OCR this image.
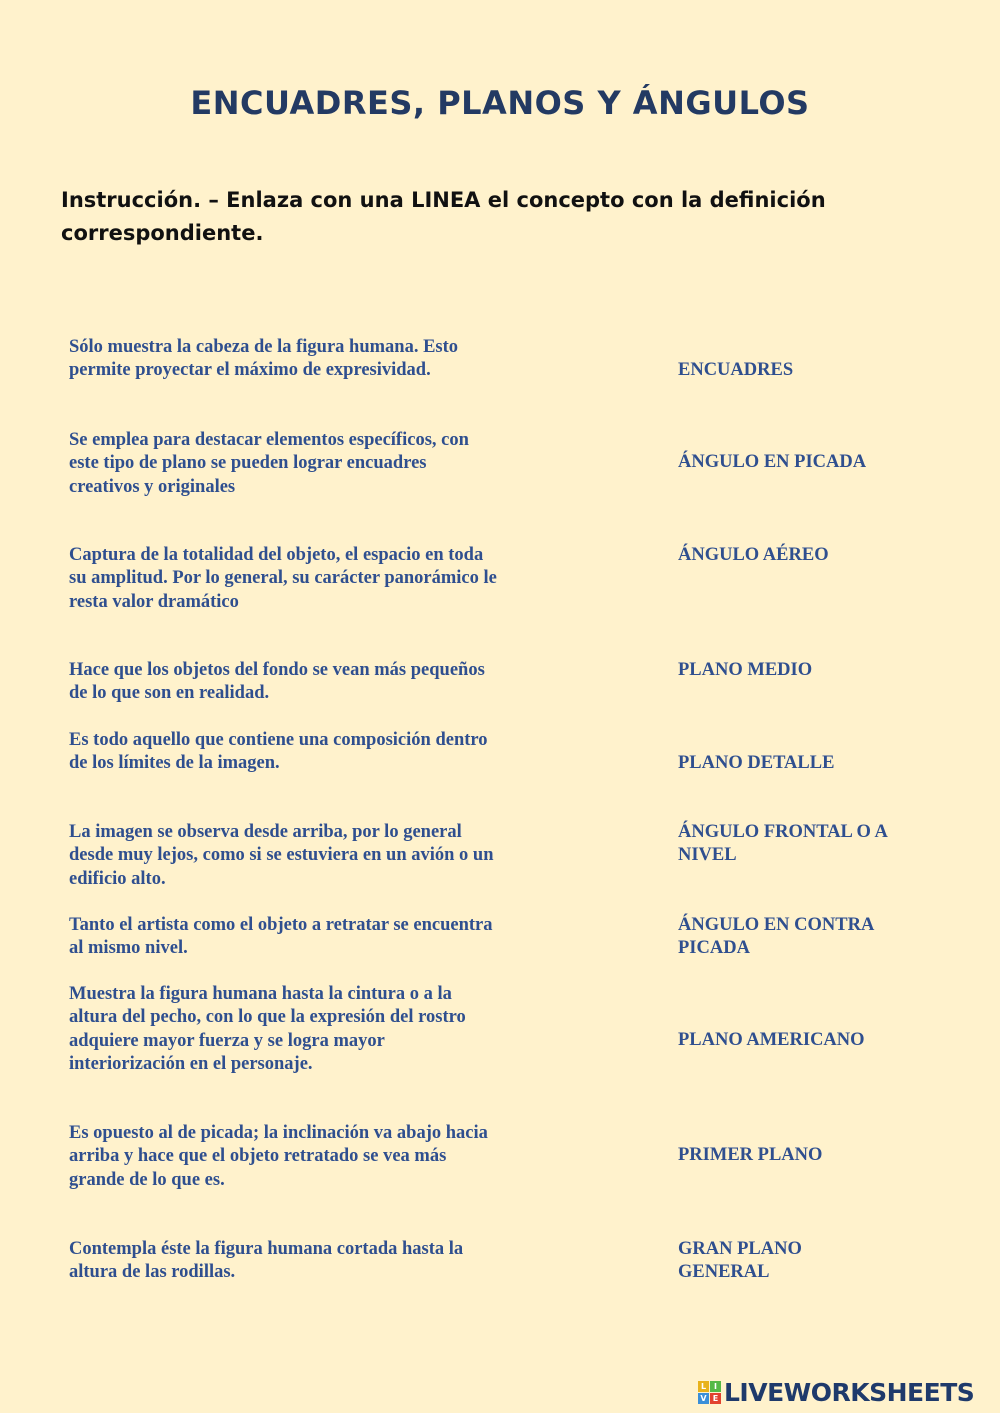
ENCUADRES, PLANOS Y ÁNGULOS
Instrucción. – Enlaza con una LINEA el concepto con la definición correspondiente.
Sólo muestra la cabeza de la figura humana. Esto permite proyectar el máximo de expresividad.
Se emplea para destacar elementos específicos, con este tipo de plano se pueden lograr encuadres creativos y originales
Captura de la totalidad del objeto, el espacio en toda su amplitud. Por lo general, su carácter panorámico le resta valor dramático
Hace que los objetos del fondo se vean más pequeños de lo que son en realidad.
Es todo aquello que contiene una composición dentro de los límites de la imagen.
La imagen se observa desde arriba, por lo general desde muy lejos, como si se estuviera en un avión o un edificio alto.
Tanto el artista como el objeto a retratar se encuentra al mismo nivel.
Muestra la figura humana hasta la cintura o a la altura del pecho, con lo que la expresión del rostro adquiere mayor fuerza y se logra mayor interiorización en el personaje.
Es opuesto al de picada; la inclinación va abajo hacia arriba y hace que el objeto retratado se vea más grande de lo que es.
Contempla éste la figura humana cortada hasta la altura de las rodillas.
ENCUADRES
ÁNGULO EN PICADA
ÁNGULO AÉREO
PLANO MEDIO
PLANO DETALLE
ÁNGULO FRONTAL O A NIVEL
ÁNGULO EN CONTRA PICADA
PLANO AMERICANO
PRIMER PLANO
GRAN PLANO GENERAL
L I
V E LIVEWORKSHEETS
